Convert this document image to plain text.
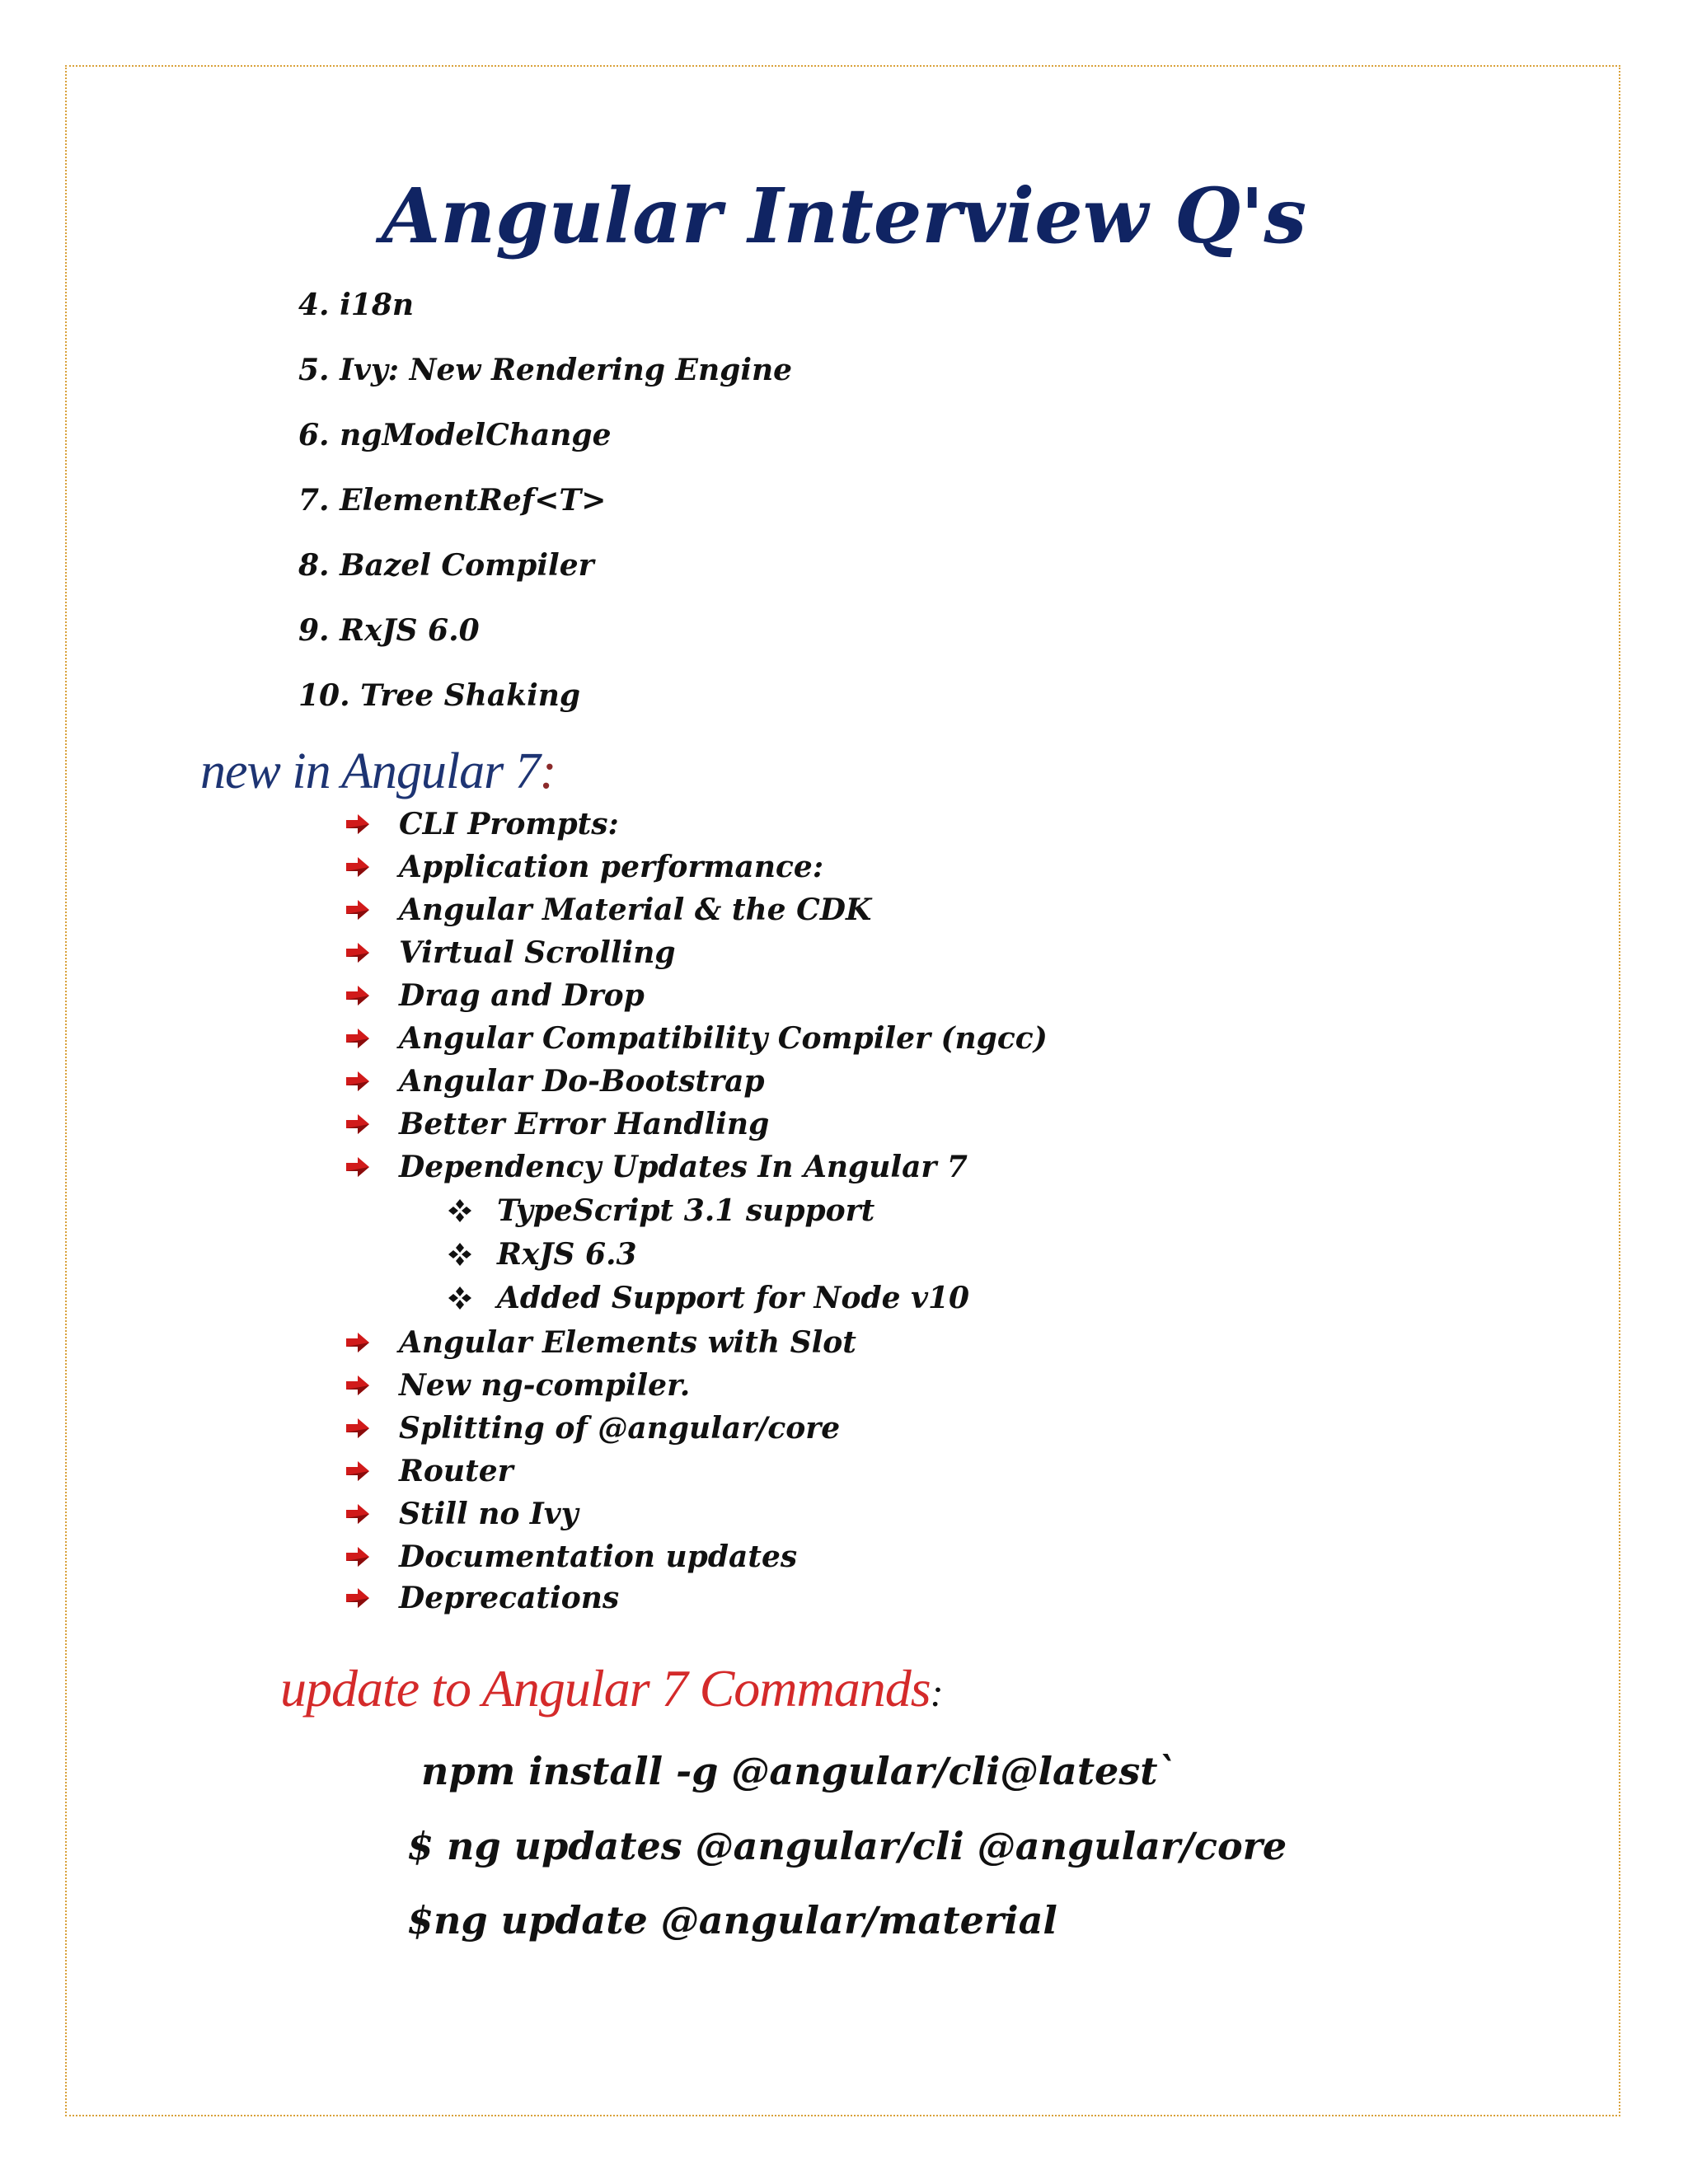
Angular Interview Q's
4. i18n
5. Ivy: New Rendering Engine
6. ngModelChange
7. ElementRef<T>
8. Bazel Compiler
9. RxJS 6.0
10. Tree Shaking
new in Angular 7:
CLI Prompts:
Application performance:
Angular Material & the CDK
Virtual Scrolling
Drag and Drop
Angular Compatibility Compiler (ngcc)
Angular Do-Bootstrap
Better Error Handling
Dependency Updates In Angular 7
TypeScript 3.1 support
RxJS 6.3
Added Support for Node v10
Angular Elements with Slot
New ng-compiler.
Splitting of @angular/core
Router
Still no Ivy
Documentation updates
Deprecations
update to Angular 7 Commands:
npm install -g @angular/cli@latest`
$ ng updates @angular/cli @angular/core
$ng update @angular/material
